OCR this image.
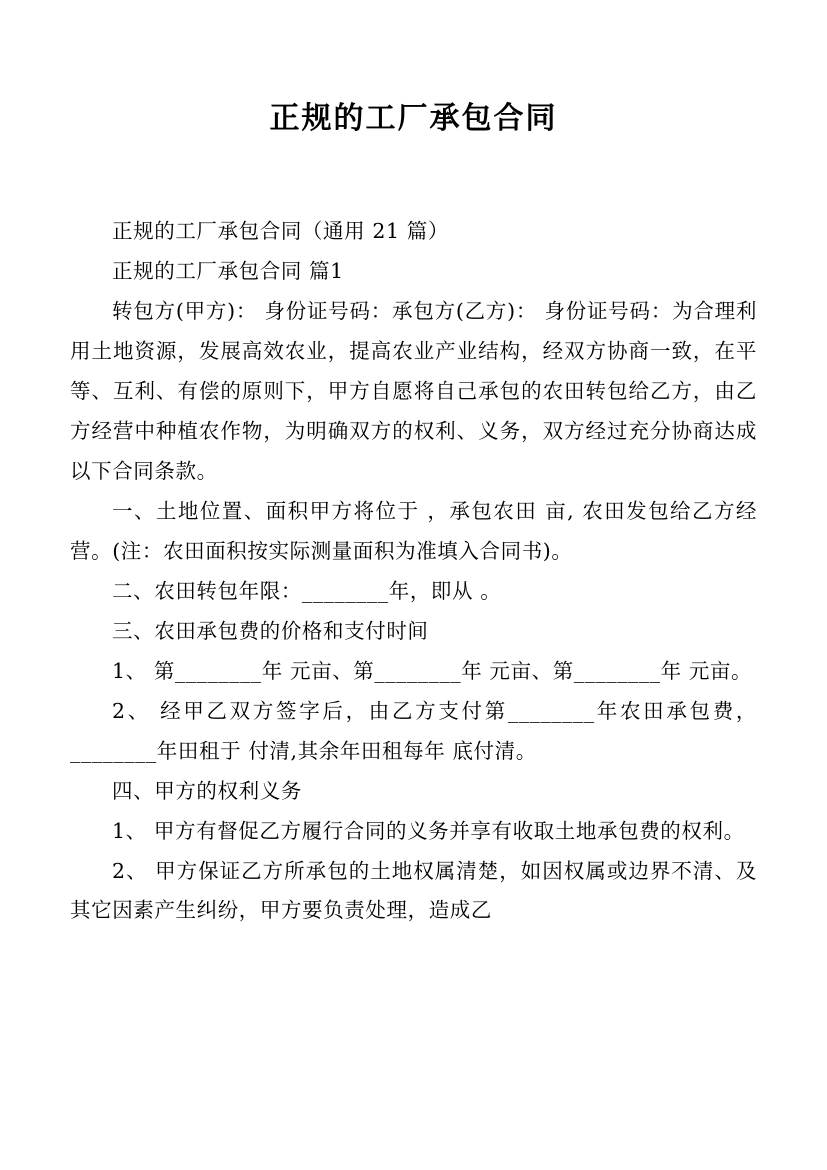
正规的工厂承包合同

正规的工厂承包合同（通用 21 篇）

正规的工厂承包合同 篇1

转包方(甲方)： 身份证号码：承包方(乙方)： 身份证号码：为合理利用土地资源，发展高效农业，提高农业产业结构，经双方协商一致，在平等、互利、有偿的原则下，甲方自愿将自己承包的农田转包给乙方，由乙方经营中种植农作物，为明确双方的权利、义务，双方经过充分协商达成以下合同条款。

一、土地位置、面积甲方将位于 ，承包农田 亩, 农田发包给乙方经营。(注：农田面积按实际测量面积为准填入合同书)。

二、农田转包年限：________年，即从 。

三、农田承包费的价格和支付时间

1、 第________年 元亩、第________年 元亩、第________年 元亩。

2、 经甲乙双方签字后，由乙方支付第________年农田承包费，________年田租于 付清,其余年田租每年 底付清。

四、甲方的权利义务

1、 甲方有督促乙方履行合同的义务并享有收取土地承包费的权利。

2、 甲方保证乙方所承包的土地权属清楚，如因权属或边界不清、及其它因素产生纠纷，甲方要负责处理，造成乙
